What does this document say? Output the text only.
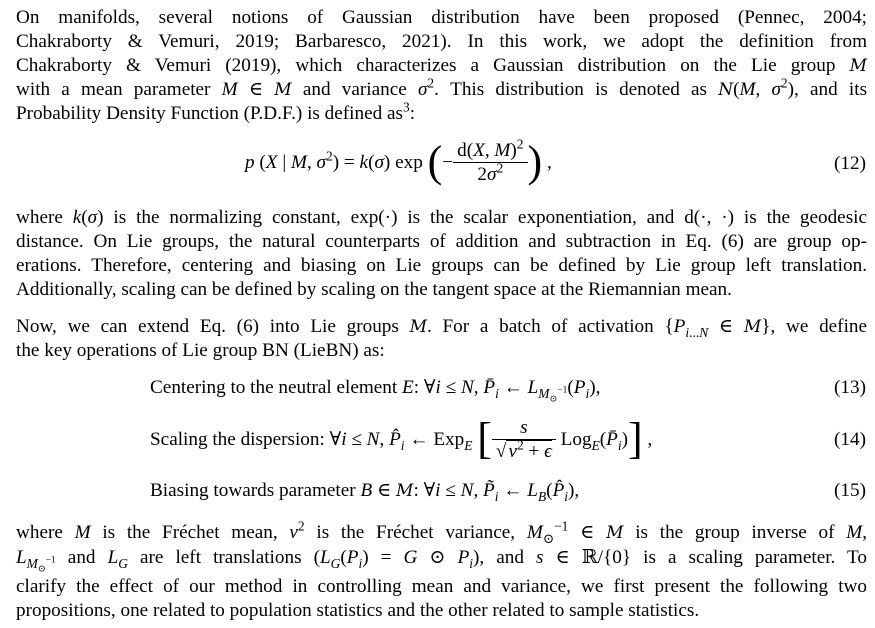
On manifolds, several notions of Gaussian distribution have been proposed (Pennec, 2004;
Chakraborty & Vemuri, 2019; Barbaresco, 2021). In this work, we adopt the definition from
Chakraborty & Vemuri (2019), which characterizes a Gaussian distribution on the Lie group M
with a mean parameter M ∈ M and variance $\sigma^2$. This distribution is denoted as N(M, $\sigma^2$), and its
Probability Density Function (P.D.F.) is defined $as^3$:
p (X | M, $\sigma^2) = k(\sigma)$ exp (− $\frac{d(X, M)^2}{2\sigma^2}$ ) ,	(12)
where k(σ) is the normalizing constant, exp(·) is the scalar exponentiation, and d(·, ·) is the geodesic
distance. On Lie groups, the natural counterparts of addition and subtraction in Eq. (6) are group op-
erations. Therefore, centering and biasing on Lie groups can be defined by Lie group left translation.
Additionally, scaling can be defined by scaling on the tangent space at the Riemannian mean.
Now, we can extend Eq. (6) into Lie groups M. For a batch of activation {$P_{i...N}$ ∈ M}, we define
the key operations of Lie group BN (LieBN) as:
Centering to the neutral element E: ∀i ≤ N, $P̄_i$ ← $L_{M_⊙^{-1}}(P_i)$,	(13)
Scaling the dispersion: ∀i ≤ N, $P̂_i$ ← Exp$_E$ [ $\frac{s}{√ v^2 + \epsilon}$ $Log_E(P̄_i)$] ,	(14)
Biasing towards parameter B ∈ M: ∀i ≤ N, $P̃_i$ ← $L_B(P̂_i)$,	(15)
where M is the Fréchet mean, $v^2$ is the Fréchet variance, $M_⊙^{-1}$ ∈ M is the group inverse of M,
$L_{M_⊙^{-1}}$ and $L_G$ are left translations ($L_G(P_i) = G$ ⊙ $P_i$), and s ∈ ℝ/{0} is a scaling parameter. To
clarify the effect of our method in controlling mean and variance, we first present the following two
propositions, one related to population statistics and the other related to sample statistics.
